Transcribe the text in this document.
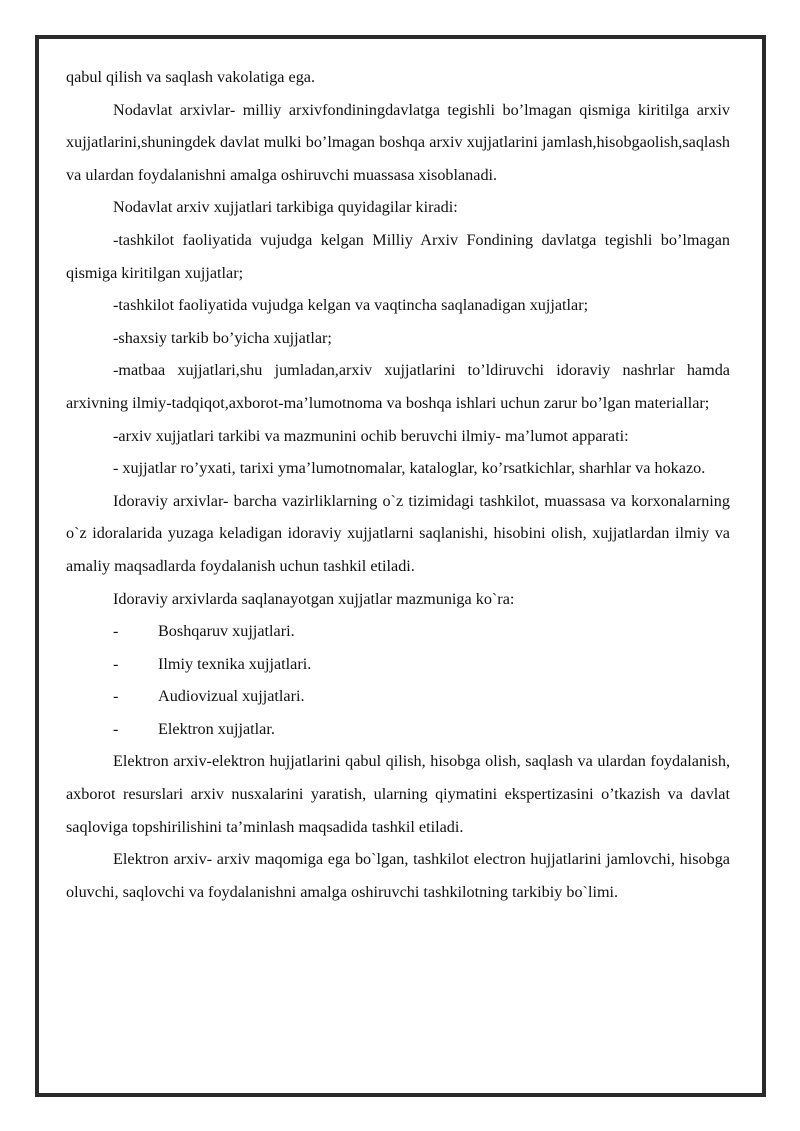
qabul qilish va saqlash vakolatiga ega.

Nodavlat arxivlar- milliy arxivfondiningdavlatga tegishli bo’lmagan qismiga kiritilga arxiv xujjatlarini,shuningdek davlat mulki bo’lmagan boshqa arxiv xujjatlarini jamlash,hisobgaolish,saqlash va ulardan foydalanishni amalga oshiruvchi muassasa xisoblanadi.

Nodavlat arxiv xujjatlari tarkibiga quyidagilar kiradi:

-tashkilot faoliyatida vujudga kelgan Milliy Arxiv Fondining davlatga tegishli bo’lmagan qismiga kiritilgan xujjatlar;

-tashkilot faoliyatida vujudga kelgan va vaqtincha saqlanadigan xujjatlar;

-shaxsiy tarkib bo’yicha xujjatlar;

-matbaa xujjatlari,shu jumladan,arxiv xujjatlarini to’ldiruvchi idoraviy nashrlar hamda arxivning ilmiy-tadqiqot,axborot-ma’lumotnoma va boshqa ishlari uchun zarur bo’lgan materiallar;

-arxiv xujjatlari tarkibi va mazmunini ochib beruvchi ilmiy- ma’lumot apparati:

- xujjatlar ro’yxati, tarixi yma’lumotnomalar, kataloglar, ko’rsatkichlar, sharhlar va hokazo.

Idoraviy arxivlar- barcha vazirliklarning o`z tizimidagi tashkilot, muassasa va korxonalarning o`z idoralarida yuzaga keladigan idoraviy xujjatlarni saqlanishi, hisobini olish, xujjatlardan ilmiy va amaliy maqsadlarda foydalanish uchun tashkil etiladi.

Idoraviy arxivlarda saqlanayotgan xujjatlar mazmuniga ko`ra:

-	Boshqaruv xujjatlari.
-	Ilmiy texnika xujjatlari.
-	Audiovizual xujjatlari.
-	Elektron xujjatlar.

Elektron arxiv-elektron hujjatlarini qabul qilish, hisobga olish, saqlash va ulardan foydalanish, axborot resurslari arxiv nusxalarini yaratish, ularning qiymatini ekspertizasini o’tkazish va davlat saqloviga topshirilishini ta’minlash maqsadida tashkil etiladi.

Elektron arxiv- arxiv maqomiga ega bo`lgan, tashkilot electron hujjatlarini jamlovchi, hisobga oluvchi, saqlovchi va foydalanishni amalga oshiruvchi tashkilotning tarkibiy bo`limi.
